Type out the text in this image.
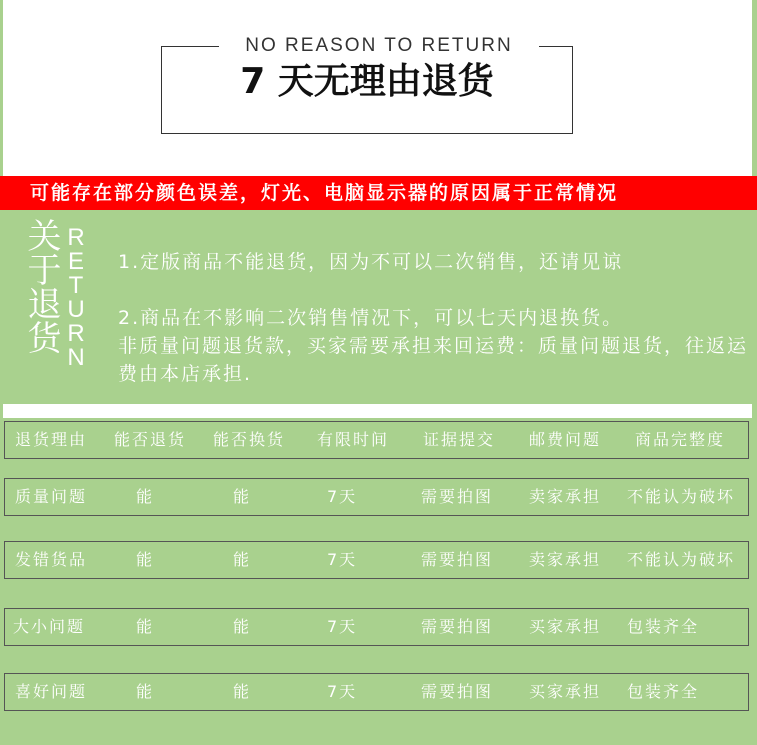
NO REASON TO RETURN
7 天无理由退货
可能存在部分颜色误差，灯光、电脑显示器的原因属于正常情况
关于退货 RETURN

1.定版商品不能退货，因为不可以二次销售，还请见谅

2.商品在不影响二次销售情况下，可以七天内退换货。

非质量问题退货款，买家需要承担来回运费：质量问题退货，往返运费由本店承担.

退货理由 能否退货 能否换货 有限时间 证据提交 邮费问题 商品完整度
质量问题	能	能	7天	需要拍图 卖家承担 不能认为破坏
发错货品	能	能	7天	需要拍图 卖家承担 不能认为破坏
大小问题	能	能	7天	需要拍图 买家承担 包装齐全
喜好问题	能	能	7天	需要拍图 买家承担 包装齐全
